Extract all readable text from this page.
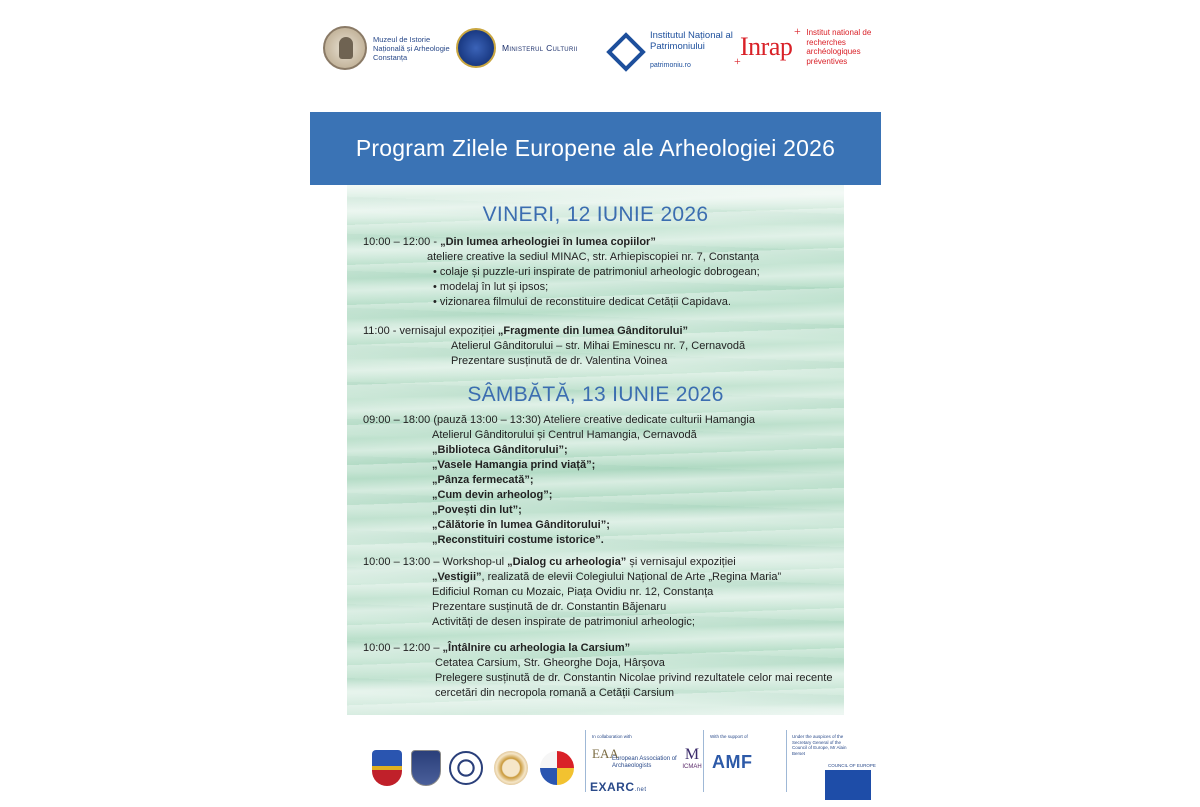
Muzeul de Istorie Națională și Arheologie Constanța
Ministerul Culturii
Institutul Național al Patrimoniului
patrimoniu.ro
Inrap
+
+
Institut national de recherches archéologiques préventives
Program Zilele Europene ale Arheologiei 2026
VINERI, 12 IUNIE 2026
10:00 – 12:00 - „Din lumea arheologiei în lumea copiilor”
ateliere creative la sediul MINAC, str. Arhiepiscopiei nr. 7, Constanța
• colaje și puzzle-uri inspirate de patrimoniul arheologic dobrogean;
• modelaj în lut și ipsos;
• vizionarea filmului de reconstituire dedicat Cetății Capidava.
11:00 - vernisajul expoziției „Fragmente din lumea Gânditorului”
Atelierul Gânditorului – str. Mihai Eminescu nr. 7, Cernavodă
Prezentare susținută de dr. Valentina Voinea
SÂMBĂTĂ, 13 IUNIE 2026
09:00 – 18:00 (pauză 13:00 – 13:30) Ateliere creative dedicate culturii Hamangia
Atelierul Gânditorului și Centrul Hamangia, Cernavodă
„Biblioteca Gânditorului”;
„Vasele Hamangia prind viață”;
„Pânza fermecată”;
„Cum devin arheolog”;
„Povești din lut”;
„Călătorie în lumea Gânditorului”;
„Reconstituiri costume istorice”.
10:00 – 13:00 – Workshop-ul „Dialog cu arheologia” și vernisajul expoziției
„Vestigii”, realizată de elevii Colegiului Național de Arte „Regina Maria”
Edificiul Roman cu Mozaic, Piața Ovidiu nr. 12, Constanța
Prezentare susținută de dr. Constantin Băjenaru
Activități de desen inspirate de patrimoniul arheologic;
10:00 – 12:00 – „Întâlnire cu arheologia la Carsium”
Cetatea Carsium, Str. Gheorghe Doja, Hârșova
Prelegere susținută de dr. Constantin Nicolae privind rezultatele celor mai recente
cercetări din necropola romană a Cetății Carsium
In collaboration with
EAA
European Association of Archaeologists
M
ICMAH
EXARC.net
With the support of
AMF
Under the auspices of the Secretary General of the Council of Europe, Mr Alain Berset
COUNCIL OF EUROPE
